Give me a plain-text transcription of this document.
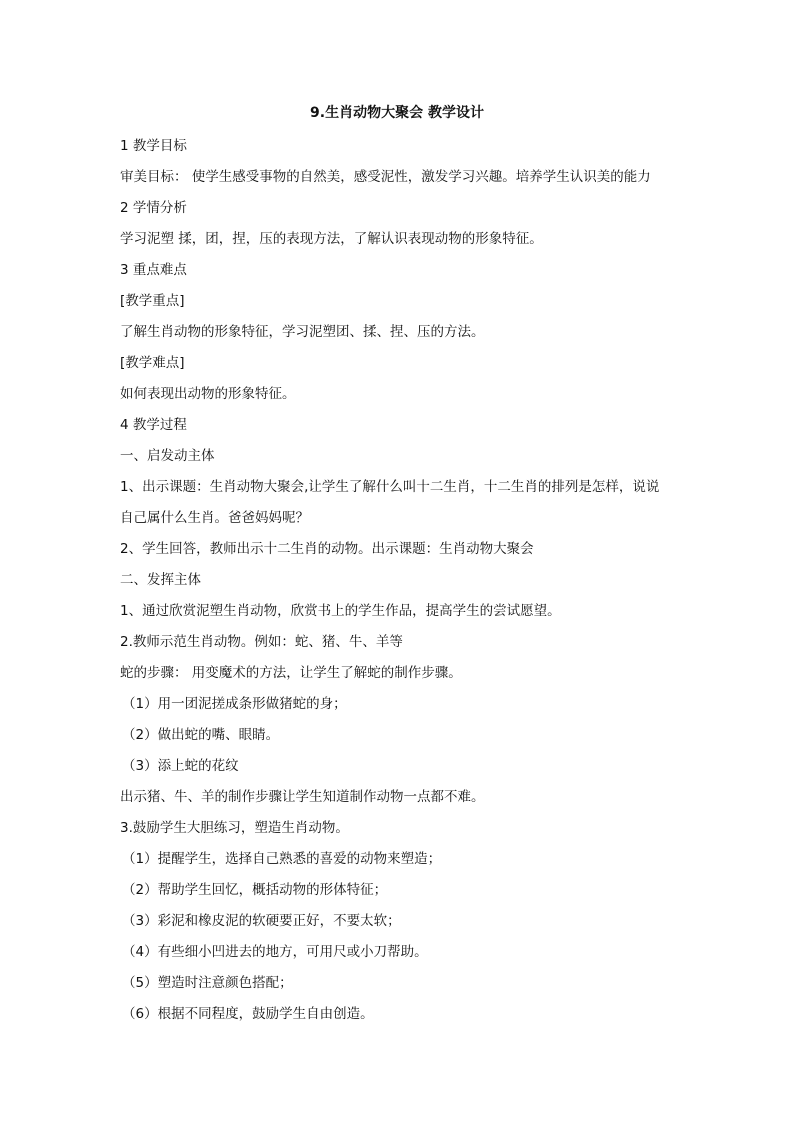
9.生肖动物大聚会 教学设计
1 教学目标
审美目标： 使学生感受事物的自然美，感受泥性，激发学习兴趣。培养学生认识美的能力
2 学情分析
学习泥塑 揉，团，捏，压的表现方法，了解认识表现动物的形象特征。
3 重点难点
[教学重点]
了解生肖动物的形象特征，学习泥塑团、揉、捏、压的方法。
[教学难点]
如何表现出动物的形象特征。
4 教学过程
一、启发动主体
1、出示课题：生肖动物大聚会,让学生了解什么叫十二生肖，十二生肖的排列是怎样，说说
自己属什么生肖。爸爸妈妈呢？
2、学生回答，教师出示十二生肖的动物。出示课题：生肖动物大聚会
二、发挥主体
1、通过欣赏泥塑生肖动物，欣赏书上的学生作品，提高学生的尝试愿望。
2.教师示范生肖动物。例如：蛇、猪、牛、羊等
蛇的步骤： 用变魔术的方法，让学生了解蛇的制作步骤。
（1）用一团泥搓成条形做猪蛇的身；
（2）做出蛇的嘴、眼睛。
（3）添上蛇的花纹
出示猪、牛、羊的制作步骤让学生知道制作动物一点都不难。
3.鼓励学生大胆练习，塑造生肖动物。
（1）提醒学生，选择自己熟悉的喜爱的动物来塑造；
（2）帮助学生回忆，概括动物的形体特征；
（3）彩泥和橡皮泥的软硬要正好，不要太软；
（4）有些细小凹进去的地方，可用尺或小刀帮助。
（5）塑造时注意颜色搭配；
（6）根据不同程度，鼓励学生自由创造。
